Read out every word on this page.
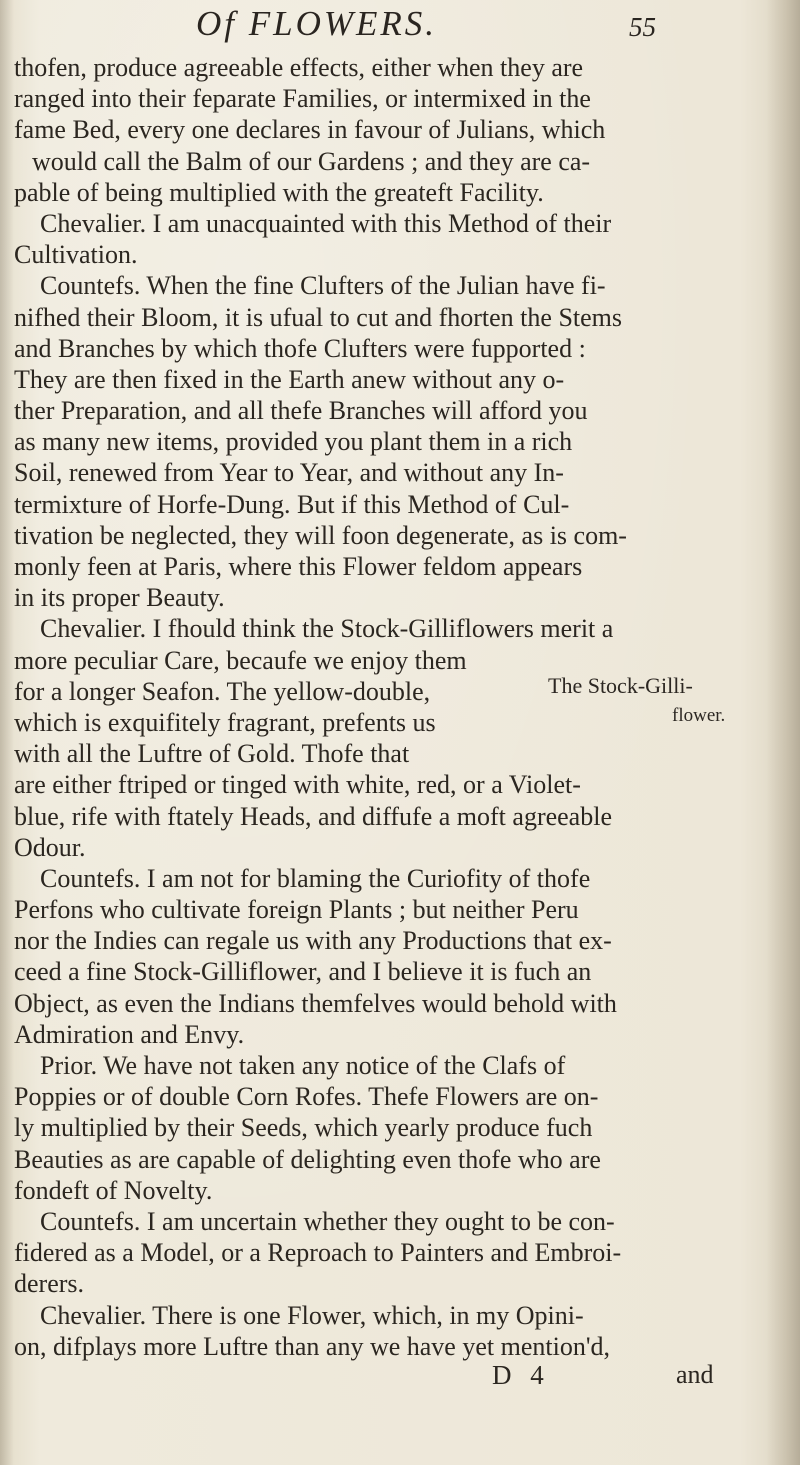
Of FLOWERS.	55
thofen, produce agreeable effects, either when they are
ranged into their feparate Families, or intermixed in the
fame Bed, every one declares in favour of Julians, which
would call the Balm of our Gardens ; and they are ca-
pable of being multiplied with the greateft Facility.
Chevalier. I am unacquainted with this Method of their
Cultivation.
Countefs. When the fine Clufters of the Julian have fi-
nifhed their Bloom, it is ufual to cut and fhorten the Stems
and Branches by which thofe Clufters were fupported :
They are then fixed in the Earth anew without any o-
ther Preparation, and all thefe Branches will afford you
as many new items, provided you plant them in a rich
Soil, renewed from Year to Year, and without any In-
termixture of Horfe-Dung. But if this Method of Cul-
tivation be neglected, they will foon degenerate, as is com-
monly feen at Paris, where this Flower feldom appears
in its proper Beauty.
Chevalier. I fhould think the Stock-Gilliflowers merit a
more peculiar Care, becaufe we enjoy them
for a longer Seafon. The yellow-double,
which is exquifitely fragrant, prefents us
with all the Luftre of Gold. Thofe that
are either ftriped or tinged with white, red, or a Violet-
blue, rife with ftately Heads, and diffufe a moft agreeable
Odour.
Countefs. I am not for blaming the Curiofity of thofe
Perfons who cultivate foreign Plants ; but neither Peru
nor the Indies can regale us with any Productions that ex-
ceed a fine Stock-Gilliflower, and I believe it is fuch an
Object, as even the Indians themfelves would behold with
Admiration and Envy.
Prior. We have not taken any notice of the Clafs of
Poppies or of double Corn Rofes. Thefe Flowers are on-
ly multiplied by their Seeds, which yearly produce fuch
Beauties as are capable of delighting even thofe who are
fondeft of Novelty.
Countefs. I am uncertain whether they ought to be con-
fidered as a Model, or a Reproach to Painters and Embroi-
derers.
Chevalier. There is one Flower, which, in my Opini-
on, difplays more Luftre than any we have yet mention'd,
The Stock-Gilli-
flower.
D 4	and
